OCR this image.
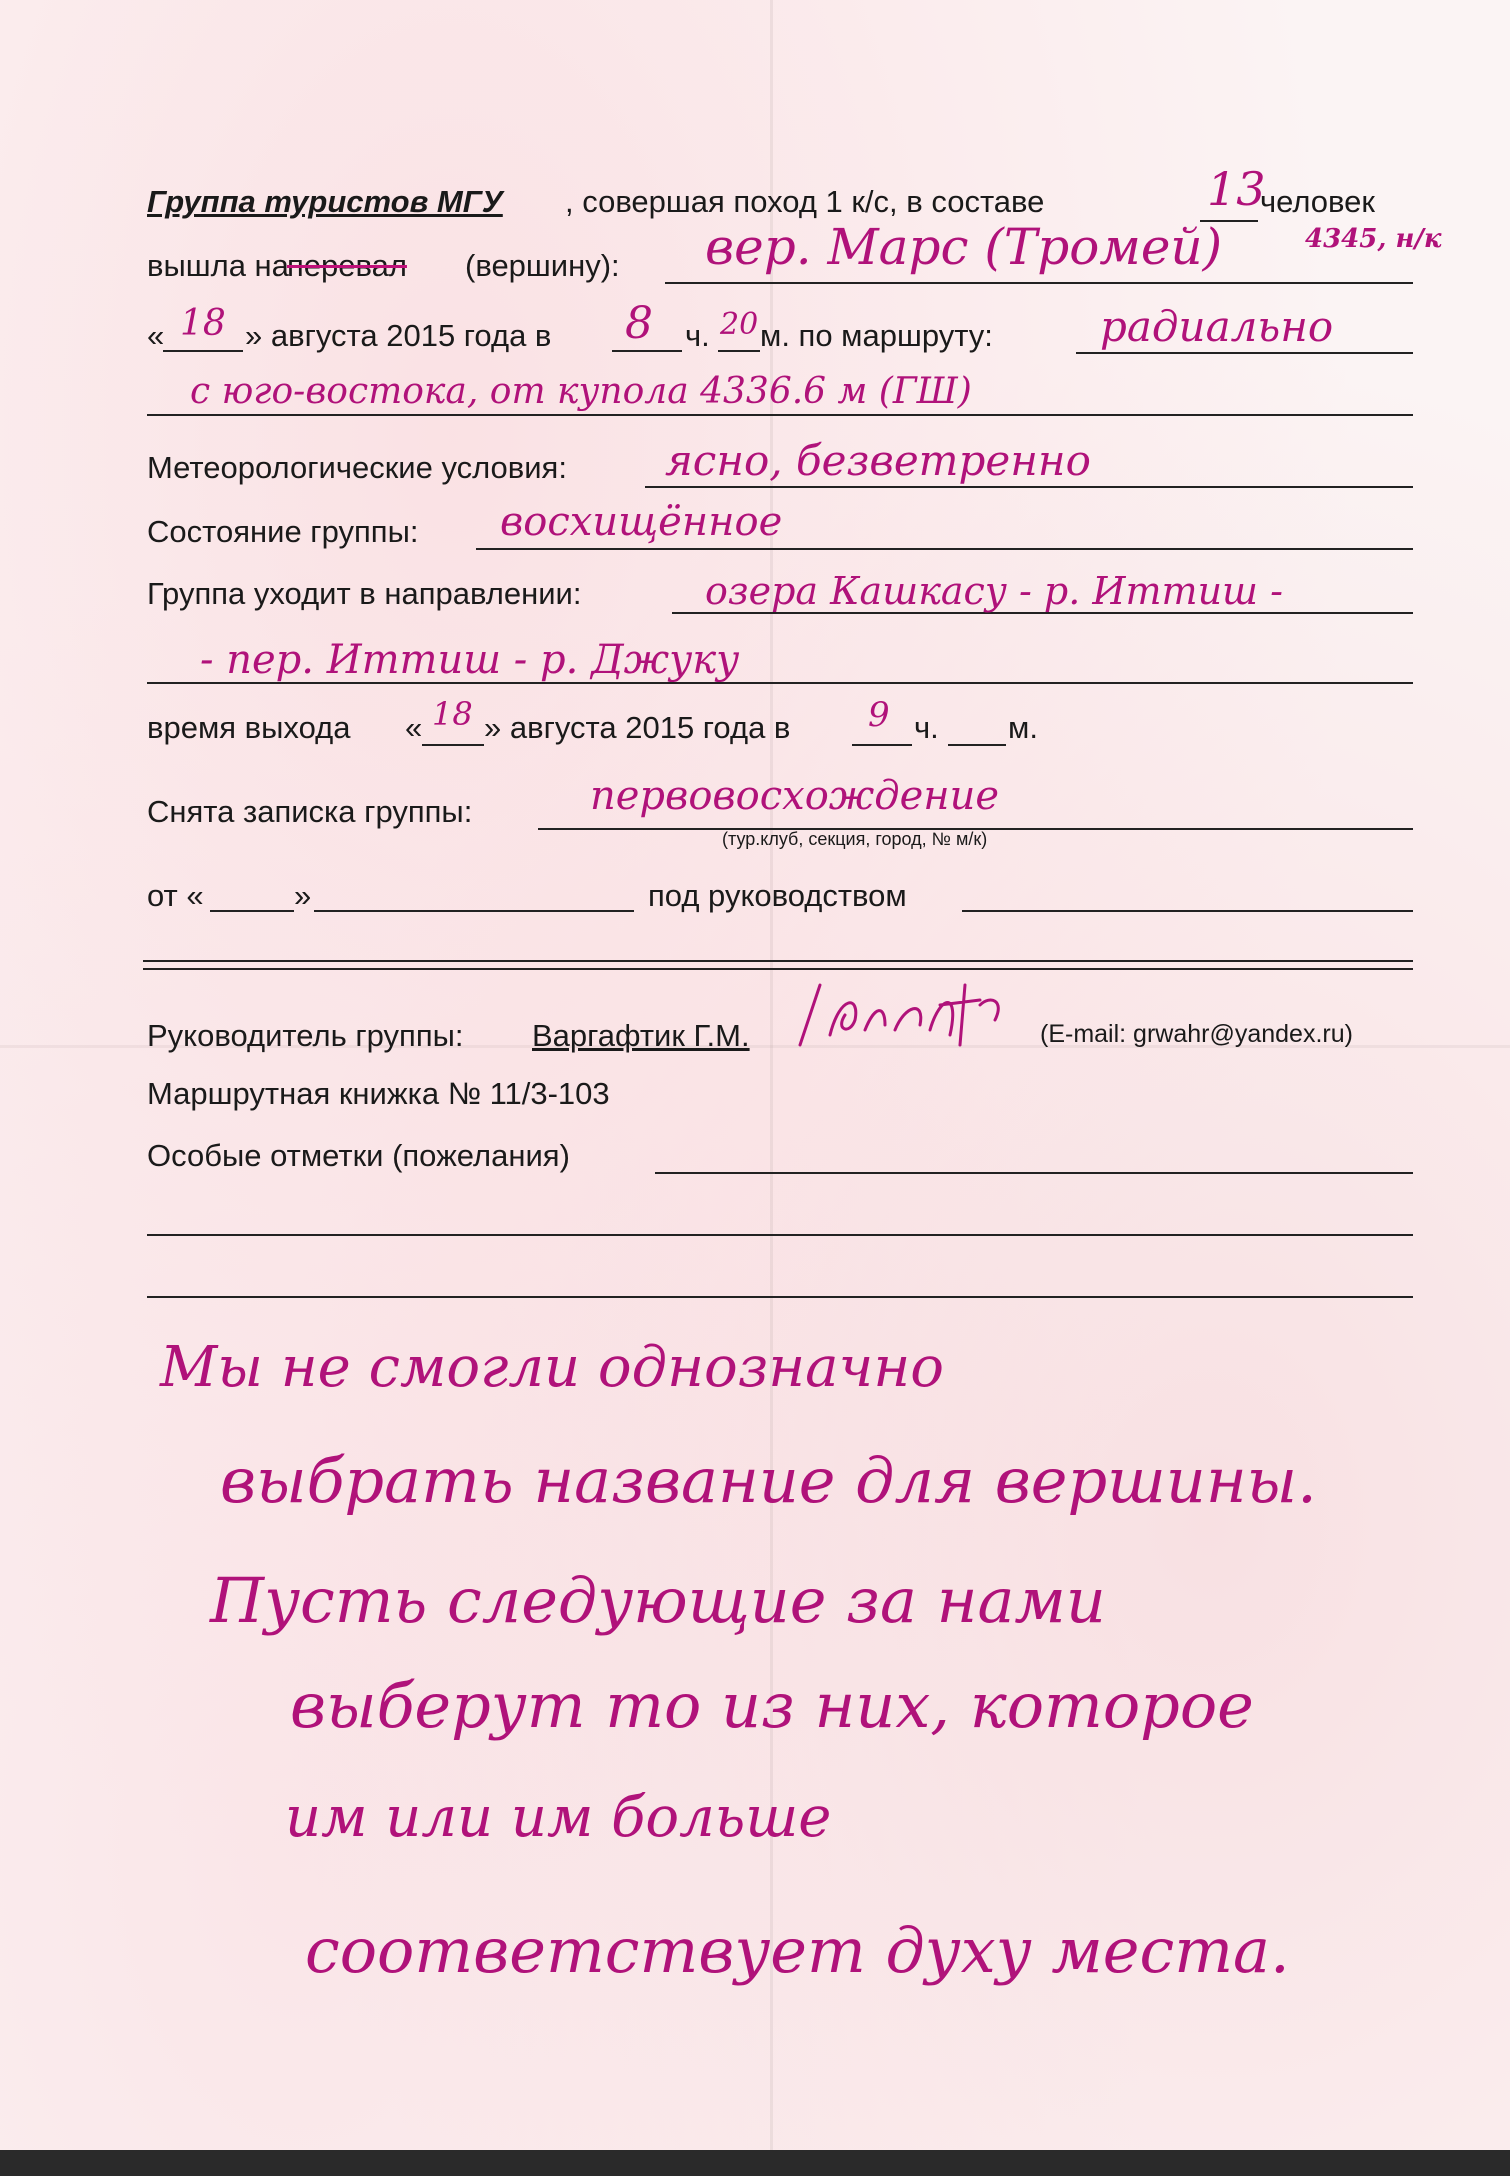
Группа туристов МГУ , совершая поход 1 к/с, в составе	13
человек
вышла на
перевал (вершину): вер. Марс (Тромей)	4345, н/к
« 18 » августа 2015 года в 8 ч. 20 м. по маршруту:	радиально
с юго-востока, от купола 4336.6 м (ГШ)
Метеорологические условия: ясно, безветренно
Состояние группы: восхищённое
Группа уходит в направлении:	озера Кашкасу - р. Иттиш -
- пер. Иттиш - р. Джуку
время выхода « 18 » августа 2015 года в 9 ч. м.
Снята записка группы:	первовосхождение
(тур.клуб, секция, город, № м/к)
от «	»	под руководством
Руководитель группы: Варгафтик Г.М.	(E-mail: grwahr@yandex.ru)
Маршрутная книжка № 11/3-103
Особые отметки (пожелания)
Мы не смогли однозначно
выбрать название для вершины.
Пусть следующие за нами
выберут то из них, которое
им или им больше
соответствует духу места.
